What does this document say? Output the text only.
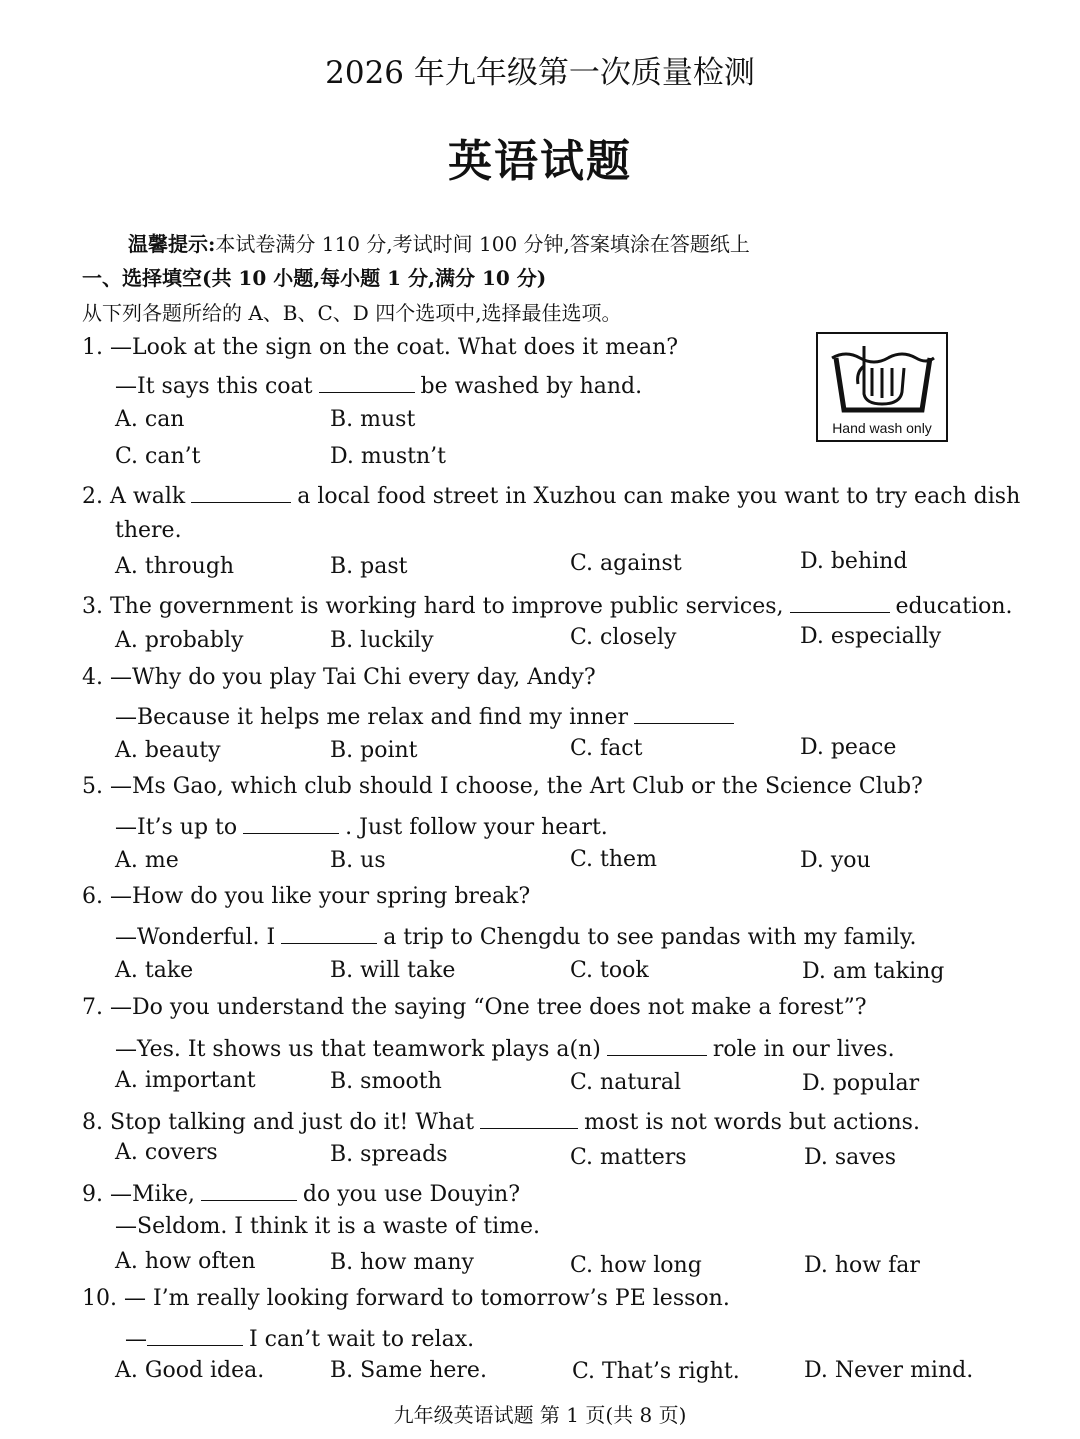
2026 年九年级第一次质量检测
英语试题
温馨提示:本试卷满分 110 分,考试时间 100 分钟,答案填涂在答题纸上
一、选择填空(共 10 小题,每小题 1 分,满分 10 分)
从下列各题所给的 A、B、C、D 四个选项中,选择最佳选项。
Hand wash only
1. —Look at the sign on the coat. What does it mean?
—It says this coat	be washed by hand.
A. can	B. must
C. can’t	D. mustn’t
2. A walk	a local food street in Xuzhou can make you want to try each dish
there.
A. through	B. past	C. against	D. behind
3. The government is working hard to improve public services,	education.
A. probably	B. luckily	C. closely	D. especially
4. —Why do you play Tai Chi every day, Andy?
—Because it helps me relax and find my inner
A. beauty	B. point	C. fact	D. peace
5. —Ms Gao, which club should I choose, the Art Club or the Science Club?
—It’s up to	. Just follow your heart.
A. me	B. us	C. them	D. you
6. —How do you like your spring break?
—Wonderful. I	a trip to Chengdu to see pandas with my family.
A. take	B. will take	C. took	D. am taking
7. —Do you understand the saying “One tree does not make a forest”?
—Yes. It shows us that teamwork plays a(n)	role in our lives.
A. important	B. smooth	C. natural	D. popular
8. Stop talking and just do it! What	most is not words but actions.
A. covers	B. spreads	C. matters	D. saves
9. —Mike,	do you use Douyin?
—Seldom. I think it is a waste of time.
A. how often	B. how many	C. how long	D. how far
10. — I’m really looking forward to tomorrow’s PE lesson.
—	I can’t wait to relax.
A. Good idea.	B. Same here.	C. That’s right.	D. Never mind.
九年级英语试题 第 1 页(共 8 页)
